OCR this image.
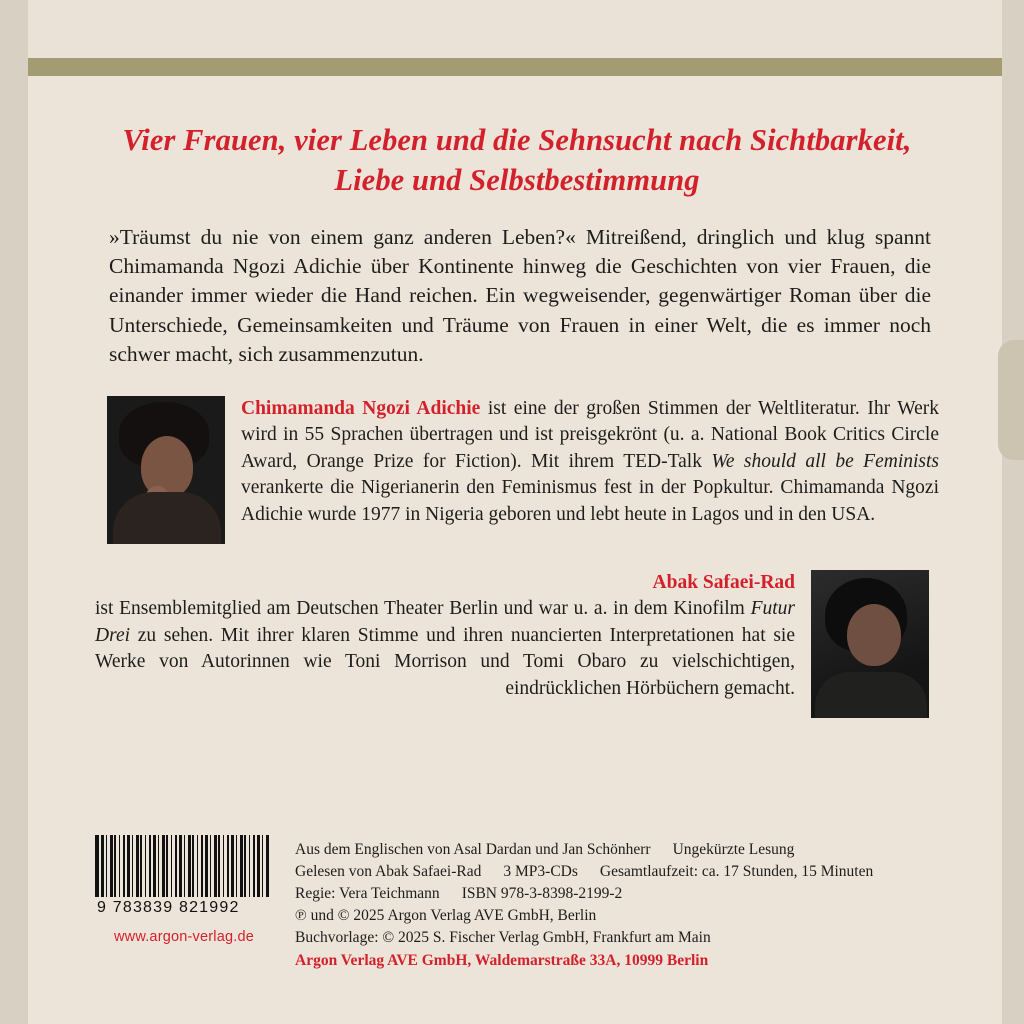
Vier Frauen, vier Leben und die Sehnsucht nach Sichtbarkeit, Liebe und Selbstbestimmung

»Träumst du nie von einem ganz anderen Leben?« Mitreißend, dringlich und klug spannt Chimamanda Ngozi Adichie über Kontinente hinweg die Geschichten von vier Frauen, die einander immer wieder die Hand reichen. Ein wegweisender, gegenwärtiger Roman über die Unterschiede, Gemeinsamkeiten und Träume von Frauen in einer Welt, die es immer noch schwer macht, sich zusammenzutun.

Chimamanda Ngozi Adichie ist eine der großen Stimmen der Weltliteratur. Ihr Werk wird in 55 Sprachen übertragen und ist preisgekrönt (u. a. National Book Critics Circle Award, Orange Prize for Fiction). Mit ihrem TED-Talk We should all be Feminists verankerte die Nigerianerin den Feminismus fest in der Popkultur. Chimamanda Ngozi Adichie wurde 1977 in Nigeria geboren und lebt heute in Lagos und in den USA.
Abak Safaei-Rad
ist Ensemblemitglied am Deutschen Theater Berlin und war u. a. in dem Kinofilm Futur Drei zu sehen. Mit ihrer klaren Stimme und ihren nuancierten Interpretationen hat sie Werke von Autorinnen wie Toni Morrison und Tomi Obaro zu vielschichtigen, eindrücklichen Hörbüchern gemacht.
9 783839 821992
www.argon-verlag.de
Aus dem Englischen von Asal Dardan und Jan Schönherr Ungekürzte Lesung
Gelesen von Abak Safaei-Rad 3 MP3-CDs Gesamtlaufzeit: ca. 17 Stunden, 15 Minuten
Regie: Vera Teichmann ISBN 978-3-8398-2199-2
℗ und © 2025 Argon Verlag AVE GmbH, Berlin
Buchvorlage: © 2025 S. Fischer Verlag GmbH, Frankfurt am Main
Argon Verlag AVE GmbH, Waldemarstraße 33A, 10999 Berlin
